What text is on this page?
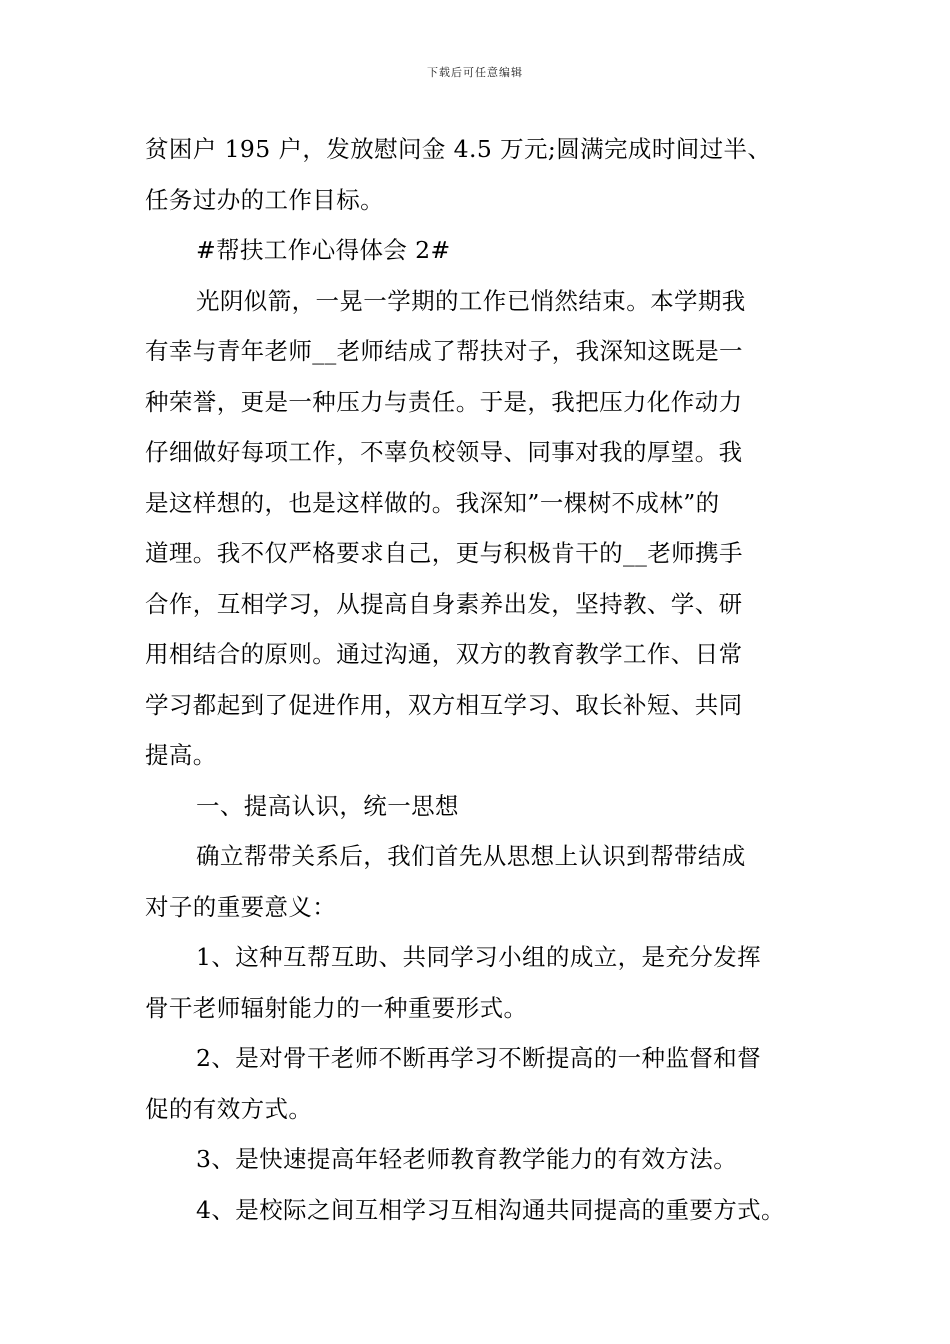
下载后可任意编辑
贫困户 195 户，发放慰问金 4.5 万元;圆满完成时间过半、
任务过办的工作目标。
#帮扶工作心得体会 2#
光阴似箭，一晃一学期的工作已悄然结束。本学期我
有幸与青年老师__老师结成了帮扶对子，我深知这既是一
种荣誉，更是一种压力与责任。于是，我把压力化作动力
仔细做好每项工作，不辜负校领导、同事对我的厚望。我
是这样想的，也是这样做的。我深知”一棵树不成林”的
道理。我不仅严格要求自己，更与积极肯干的__老师携手
合作，互相学习，从提高自身素养出发，坚持教、学、研
用相结合的原则。通过沟通，双方的教育教学工作、日常
学习都起到了促进作用，双方相互学习、取长补短、共同
提高。
一、提高认识，统一思想
确立帮带关系后，我们首先从思想上认识到帮带结成
对子的重要意义：
1、这种互帮互助、共同学习小组的成立，是充分发挥
骨干老师辐射能力的一种重要形式。
2、是对骨干老师不断再学习不断提高的一种监督和督
促的有效方式。
3、是快速提高年轻老师教育教学能力的有效方法。
4、是校际之间互相学习互相沟通共同提高的重要方式。
